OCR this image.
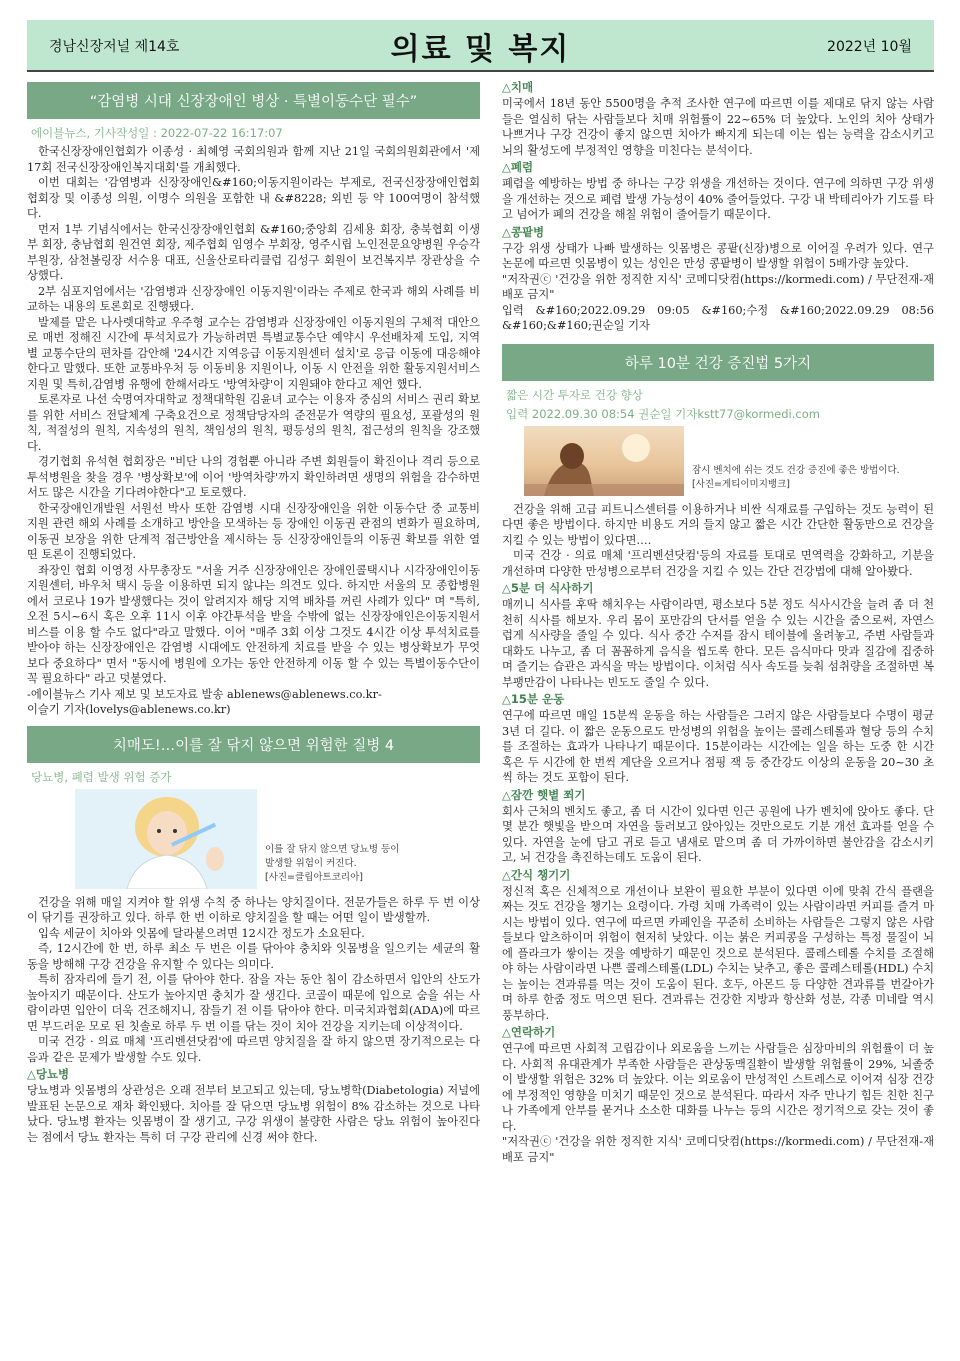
경남신장저널 제14호	의료 및 복지	2022년 10월
“감염병 시대 신장장애인 병상 · 특별이동수단 필수”
에이블뉴스, 기사작성일 : 2022-07-22 16:17:07

한국신장장애인협회가 이종성 · 최혜영 국회의원과 함께 지난 21일 국회의원회관에서 '제17회 전국신장장애인복지대회'를 개최했다.

이번 대회는 '감염병과 신장장애인&#160;이동지원이라는 부제로, 전국신장장애인협회 협회장 및 이종성 의원, 이명수 의원을 포함한 내 &#8228; 외빈 등 약 100여명이 참석했다.

먼저 1부 기념식에서는 한국신장장애인협회 &#160;중앙회 김세용 회장, 충북협회 이생부 회장, 충남협회 원건연 회장, 제주협회 임영수 부회장, 영주시립 노인전문요양병원 우승각 부원장, 삼천볼링장 서수용 대표, 신울산로타리클럽 김성구 회원이 보건복지부 장관상을 수상했다.

2부 심포지엄에서는 '감염병과 신장장애인 이동지원'이라는 주제로 한국과 해외 사례를 비교하는 내용의 토론회로 진행됐다.

발제를 맡은 나사렛대학교 우주형 교수는 감염병과 신장장애인 이동지원의 구체적 대안으로 매번 정해진 시간에 투석치료가 가능하려면 특별교통수단 예약시 우선배차제 도입, 지역별 교통수단의 편차를 감안해 '24시간 지역응급 이동지원센터 설치'로 응급 이동에 대응해야 한다고 말했다. 또한 교통바우처 등 이동비용 지원이나, 이동 시 안전을 위한 활동지원서비스 지원 및 특히,감염병 유행에 한해서라도 '방역차량'이 지원돼야 한다고 제언 했다.

토론자로 나선 숙명여자대학교 정책대학원 김윤녀 교수는 이용자 중심의 서비스 권리 확보를 위한 서비스 전달체계 구축요건으로 정책담당자의 준전문가 역량의 필요성, 포괄성의 원칙, 적절성의 원칙, 지속성의 원칙, 책임성의 원칙, 평등성의 원칙, 접근성의 원칙을 강조했다.

경기협회 유석현 협회장은 "비단 나의 경험뿐 아니라 주변 회원들이 확진이나 격리 등으로 투석병원을 찾을 경우 '병상확보'에 이어 '방역차량'까지 확인하려면 생명의 위험을 감수하면서도 많은 시간을 기다려야한다"고 토로했다.

한국장애인개발원 서원선 박사 또한 감염병 시대 신장장애인을 위한 이동수단 중 교통비 지원 관련 해외 사례를 소개하고 방안을 모색하는 등 장애인 이동권 관점의 변화가 필요하며, 이동권 보장을 위한 단계적 접근방안을 제시하는 등 신장장애인들의 이동권 확보를 위한 열띤 토론이 진행되었다.

좌장인 협회 이영정 사무총장도 "서울 거주 신장장애인은 장애인콜택시나 시각장애인이동지원센터, 바우처 택시 등을 이용하면 되지 않냐는 의견도 있다. 하지만 서울의 모 종합병원에서 코로나 19가 발생했다는 것이 알려지자 해당 지역 배차를 꺼린 사례가 있다" 며 "특히, 오전 5시~6시 혹은 오후 11시 이후 야간투석을 받을 수밖에 없는 신장장애인은이동지원서비스를 이용 할 수도 없다"라고 말했다. 이어 "매주 3회 이상 그것도 4시간 이상 투석치료를 받아야 하는 신장장애인은 감염병 시대에도 안전하게 치료를 받을 수 있는 병상확보가 무엇보다 중요하다" 면서 "동시에 병원에 오가는 동안 안전하게 이동 할 수 있는 특별이동수단이 꼭 필요하다" 라고 덧붙였다.

-에이블뉴스 기사 제보 및 보도자료 발송 ablenews@ablenews.co.kr-

이슬기 기자(lovelys@ablenews.co.kr)

치매도!…이를 잘 닦지 않으면 위험한 질병 4
당뇨병, 폐렴 발생 위험 증가
이를 잘 닦지 않으면 당뇨병 등이
발생할 위험이 커진다.
[사진=클립아트코리아]

건강을 위해 매일 지켜야 할 위생 수칙 중 하나는 양치질이다. 전문가들은 하루 두 번 이상 이 닦기를 권장하고 있다. 하루 한 번 이하로 양치질을 할 때는 어떤 일이 발생할까.

입속 세균이 치아와 잇몸에 달라붙으려면 12시간 정도가 소요된다.

즉, 12시간에 한 번, 하루 최소 두 번은 이를 닦아야 충치와 잇몸병을 일으키는 세균의 활동을 방해해 구강 건강을 유지할 수 있다는 의미다.

특히 잠자리에 들기 전, 이를 닦아야 한다. 잠을 자는 동안 침이 감소하면서 입안의 산도가 높아지기 때문이다. 산도가 높아지면 충치가 잘 생긴다. 코골이 때문에 입으로 숨을 쉬는 사람이라면 입안이 더욱 건조해지니, 잠들기 전 이를 닦아야 한다. 미국치과협회(ADA)에 따르면 부드러운 모로 된 칫솔로 하루 두 번 이를 닦는 것이 치아 건강을 지키는데 이상적이다.

미국 건강 · 의료 매체 '프리벤션닷컴'에 따르면 양치질을 잘 하지 않으면 장기적으로는 다음과 같은 문제가 발생할 수도 있다.

△당뇨병

당뇨병과 잇몸병의 상관성은 오래 전부터 보고되고 있는데, 당뇨병학(Diabetologia) 저널에 발표된 논문으로 재차 확인됐다. 치아를 잘 닦으면 당뇨병 위험이 8% 감소하는 것으로 나타났다. 당뇨병 환자는 잇몸병이 잘 생기고, 구강 위생이 불량한 사람은 당뇨 위험이 높아진다는 점에서 당뇨 환자는 특히 더 구강 관리에 신경 써야 한다.

△치매

미국에서 18년 동안 5500명을 추적 조사한 연구에 따르면 이를 제대로 닦지 않는 사람들은 열심히 닦는 사람들보다 치매 위험률이 22~65% 더 높았다. 노인의 치아 상태가 나쁘거나 구강 건강이 좋지 않으면 치아가 빠지게 되는데 이는 씹는 능력을 감소시키고 뇌의 활성도에 부정적인 영향을 미친다는 분석이다.

△폐렴

폐렴을 예방하는 방법 중 하나는 구강 위생을 개선하는 것이다. 연구에 의하면 구강 위생을 개선하는 것으로 폐렴 발생 가능성이 40% 줄어들었다. 구강 내 박테리아가 기도를 타고 넘어가 폐의 건강을 해칠 위험이 줄어들기 때문이다.

△콩팥병

구강 위생 상태가 나빠 발생하는 잇몸병은 콩팥(신장)병으로 이어질 우려가 있다. 연구 논문에 따르면 잇몸병이 있는 성인은 만성 콩팥병이 발생할 위험이 5배가량 높았다.

"저작권ⓒ '건강을 위한 정직한 지식' 코메디닷컴(https://kormedi.com) / 무단전재-재배포 금지"

입력 &#160;2022.09.29 09:05 &#160;수정 &#160;2022.09.29 08:56 &#160;&#160;권순일 기자

하루 10분 건강 증진법 5가지
짧은 시간 투자로 건강 향상
입력 2022.09.30 08:54 권순일 기자kstt77@kormedi.com
잠시 벤치에 쉬는 것도 건강 증진에 좋은 방법이다.
[사진=게티이미지뱅크]

건강을 위해 고급 피트니스센터를 이용하거나 비싼 식재료를 구입하는 것도 능력이 된다면 좋은 방법이다. 하지만 비용도 거의 들지 않고 짧은 시간 간단한 활동만으로 건강을 지킬 수 있는 방법이 있다면….

미국 건강 · 의료 매체 '프리벤션닷컴'등의 자료를 토대로 면역력을 강화하고, 기분을 개선하며 다양한 만성병으로부터 건강을 지킬 수 있는 간단 건강법에 대해 알아봤다.

△5분 더 식사하기

매끼니 식사를 후딱 해치우는 사람이라면, 평소보다 5분 정도 식사시간을 늘려 좀 더 천천히 식사를 해보자. 우리 몸이 포만감의 단서를 얻을 수 있는 시간을 줌으로써, 자연스럽게 식사량을 줄일 수 있다. 식사 중간 수저를 잠시 테이블에 올려놓고, 주변 사람들과 대화도 나누고, 좀 더 꼼꼼하게 음식을 씹도록 한다. 모든 음식마다 맛과 질감에 집중하며 즐기는 습관은 과식을 막는 방법이다. 이처럼 식사 속도를 늦춰 섬취량을 조절하면 복부팽만감이 나타나는 빈도도 줄일 수 있다.

△15분 운동

연구에 따르면 매일 15분씩 운동을 하는 사람들은 그러지 않은 사람들보다 수명이 평균 3년 더 길다. 이 짧은 운동으로도 만성병의 위험을 높이는 콜레스테롤과 혈당 등의 수치를 조절하는 효과가 나타나기 때문이다. 15분이라는 시간에는 일을 하는 도중 한 시간 혹은 두 시간에 한 번씩 계단을 오르거나 점핑 잭 등 중간강도 이상의 운동을 20~30 초씩 하는 것도 포함이 된다.

△잠깐 햇볕 쬐기

회사 근처의 벤치도 좋고, 좀 더 시간이 있다면 인근 공원에 나가 벤치에 앉아도 좋다. 단 몇 분간 햇빛을 받으며 자연을 둘러보고 앉아있는 것만으로도 기분 개선 효과를 얻을 수 있다. 자연을 눈에 담고 귀로 듣고 냄새로 맡으며 좀 더 가까이하면 불안감을 감소시키고, 뇌 건강을 촉진하는데도 도움이 된다.

△간식 챙기기

정신적 혹은 신체적으로 개선이나 보완이 필요한 부분이 있다면 이에 맞춰 간식 플랜을 짜는 것도 건강을 챙기는 요령이다. 가령 치매 가족력이 있는 사람이라면 커피를 즐겨 마시는 방법이 있다. 연구에 따르면 카페인을 꾸준히 소비하는 사람들은 그렇지 않은 사람들보다 알츠하이머 위험이 현저히 낮았다. 이는 붉은 커피콩을 구성하는 특정 물질이 뇌에 플라크가 쌓이는 것을 예방하기 때문인 것으로 분석된다. 콜레스테롤 수치를 조절해야 하는 사람이라면 나쁜 콜레스테롤(LDL) 수치는 낮추고, 좋은 콜레스테롤(HDL) 수치는 높이는 견과류를 먹는 것이 도움이 된다. 호두, 아몬드 등 다양한 견과류를 번갈아가며 하루 한줌 정도 먹으면 된다. 견과류는 건강한 지방과 항산화 성분, 각종 미네랄 역시 풍부하다.

△연락하기

연구에 따르면 사회적 고립감이나 외로움을 느끼는 사람들은 심장마비의 위험률이 더 높다. 사회적 유대관계가 부족한 사람들은 관상동맥질환이 발생할 위험률이 29%, 뇌졸중이 발생할 위험은 32% 더 높았다. 이는 외로움이 만성적인 스트레스로 이어져 심장 건강에 부정적인 영향을 미치기 때문인 것으로 분석된다. 따라서 자주 만나기 힘든 친한 친구나 가족에게 안부를 묻거나 소소한 대화를 나누는 등의 시간은 정기적으로 갖는 것이 좋다.

"저작권ⓒ '건강을 위한 정직한 지식' 코메디닷컴(https://kormedi.com) / 무단전재-재배포 금지"
